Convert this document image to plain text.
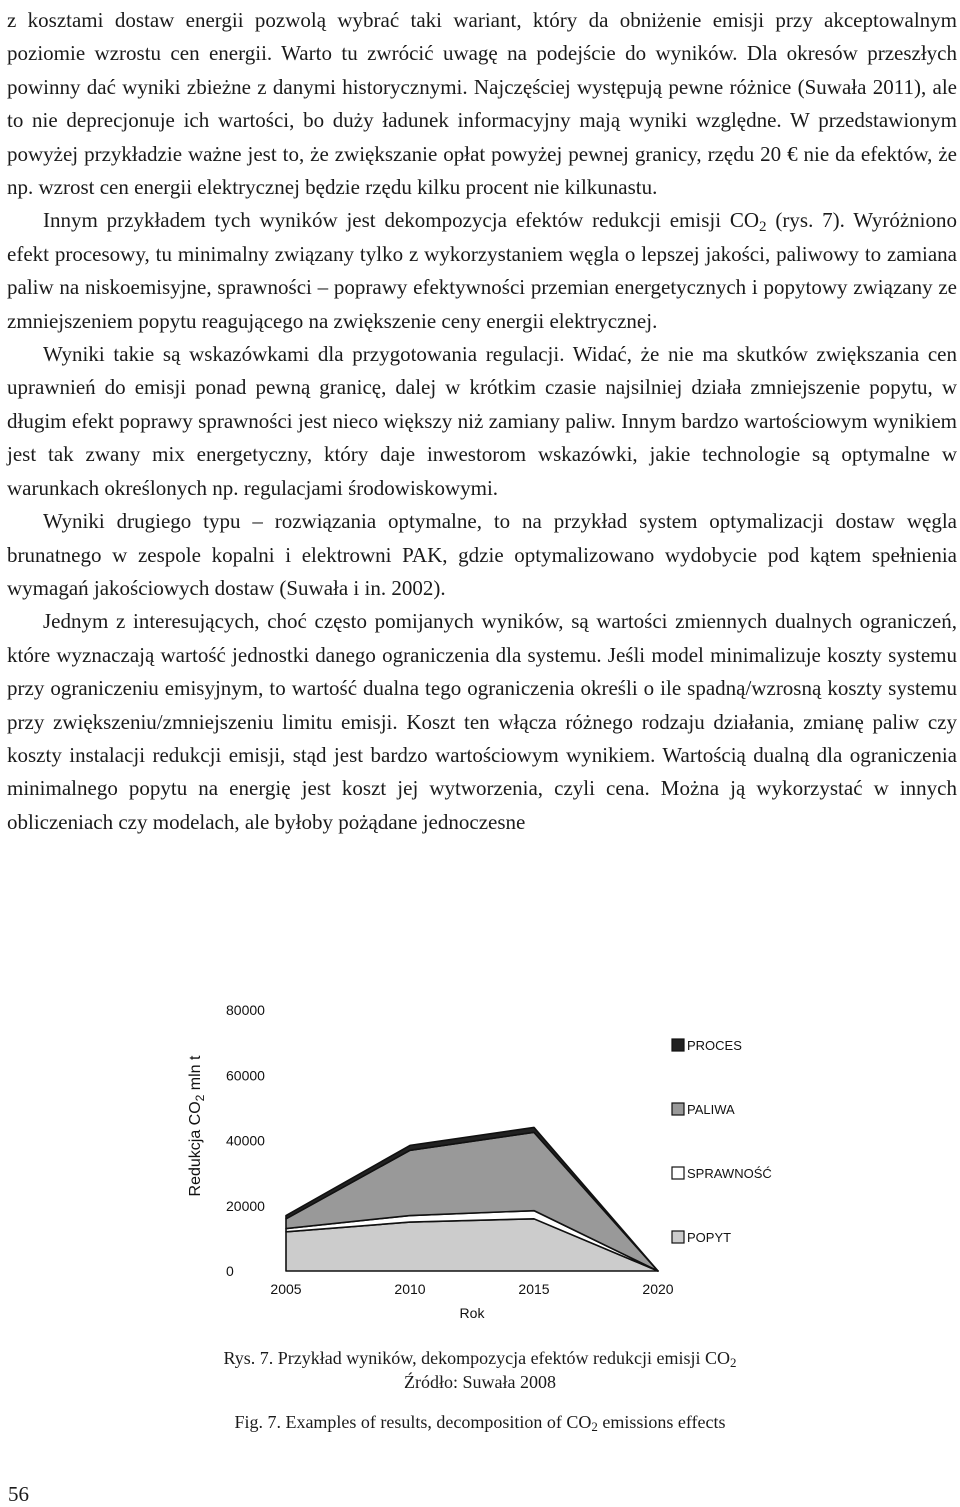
z kosztami dostaw energii pozwolą wybrać taki wariant, który da obniżenie emisji przy akceptowalnym poziomie wzrostu cen energii. Warto tu zwrócić uwagę na podejście do wyników. Dla okresów przeszłych powinny dać wyniki zbieżne z danymi historycznymi. Najczęściej występują pewne różnice (Suwała 2011), ale to nie deprecjonuje ich wartości, bo duży ładunek informacyjny mają wyniki względne. W przedstawionym powyżej przykładzie ważne jest to, że zwiększanie opłat powyżej pewnej granicy, rzędu 20 € nie da efektów, że np. wzrost cen energii elektrycznej będzie rzędu kilku procent nie kilkunastu.

Innym przykładem tych wyników jest dekompozycja efektów redukcji emisji $CO_2$ (rys. 7). Wyróżniono efekt procesowy, tu minimalny związany tylko z wykorzystaniem węgla o lepszej jakości, paliwowy to zamiana paliw na niskoemisyjne, sprawności – poprawy efektywności przemian energetycznych i popytowy związany ze zmniejszeniem popytu reagującego na zwiększenie ceny energii elektrycznej.

Wyniki takie są wskazówkami dla przygotowania regulacji. Widać, że nie ma skutków zwiększania cen uprawnień do emisji ponad pewną granicę, dalej w krótkim czasie najsilniej działa zmniejszenie popytu, w długim efekt poprawy sprawności jest nieco większy niż zamiany paliw. Innym bardzo wartościowym wynikiem jest tak zwany mix energetyczny, który daje inwestorom wskazówki, jakie technologie są optymalne w warunkach określonych np. regulacjami środowiskowymi.

Wyniki drugiego typu – rozwiązania optymalne, to na przykład system optymalizacji dostaw węgla brunatnego w zespole kopalni i elektrowni PAK, gdzie optymalizowano wydobycie pod kątem spełnienia wymagań jakościowych dostaw (Suwała i in. 2002).

Jednym z interesujących, choć często pomijanych wyników, są wartości zmiennych dualnych ograniczeń, które wyznaczają wartość jednostki danego ograniczenia dla systemu. Jeśli model minimalizuje koszty systemu przy ograniczeniu emisyjnym, to wartość dualna tego ograniczenia określi o ile spadną/wzrosną koszty systemu przy zwiększeniu/zmniejszeniu limitu emisji. Koszt ten włącza różnego rodzaju działania, zmianę paliw czy koszty instalacji redukcji emisji, stąd jest bardzo wartościowym wynikiem. Wartością dualną dla ograniczenia minimalnego popytu na energię jest koszt jej wytworzenia, czyli cena. Można ją wykorzystać w innych obliczeniach czy modelach, ale byłoby pożądane jednoczesne

0
20000
40000
60000
80000
2005	2010	2015	2020
PROCES
PALIWA
SPRAWNOŚĆ
POPYT
Redukcja $CO_2$ mln t
Rok
Rys. 7. Przykład wyników, dekompozycja efektów redukcji emisji $CO_2$
Źródło: Suwała 2008
Fig. 7. Examples of results, decomposition of $CO_2$ emissions effects
56
